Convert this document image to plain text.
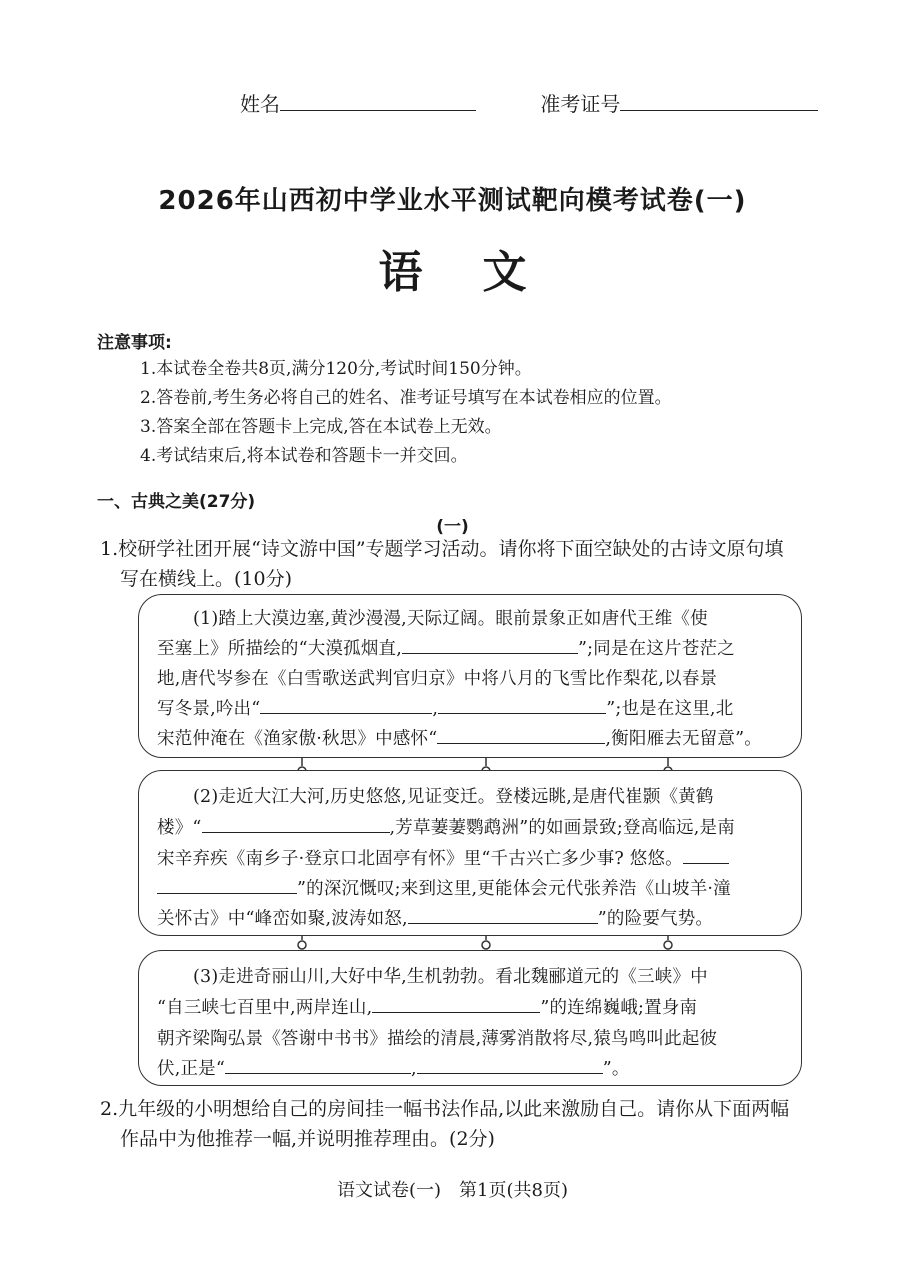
姓名	准考证号
2026年山西初中学业水平测试靶向模考试卷(一)
语文
注意事项:
1.本试卷全卷共8页,满分120分,考试时间150分钟。
2.答卷前,考生务必将自己的姓名、准考证号填写在本试卷相应的位置。
3.答案全部在答题卡上完成,答在本试卷上无效。
4.考试结束后,将本试卷和答题卡一并交回。
一、古典之美(27分)
(一)
1.校研学社团开展“诗文游中国”专题学习活动。请你将下面空缺处的古诗文原句填
写在横线上。(10分)
(1)踏上大漠边塞,黄沙漫漫,天际辽阔。眼前景象正如唐代王维《使
至塞上》所描绘的“大漠孤烟直,	”;同是在这片苍茫之
地,唐代岑参在《白雪歌送武判官归京》中将八月的飞雪比作梨花,以春景
写冬景,吟出“	,	”;也是在这里,北
宋范仲淹在《渔家傲·秋思》中感怀“	,衡阳雁去无留意”。
(2)走近大江大河,历史悠悠,见证变迁。登楼远眺,是唐代崔颢《黄鹤
楼》“	,芳草萋萋鹦鹉洲”的如画景致;登高临远,是南
宋辛弃疾《南乡子·登京口北固亭有怀》里“千古兴亡多少事? 悠悠。
”的深沉慨叹;来到这里,更能体会元代张养浩《山坡羊·潼
关怀古》中“峰峦如聚,波涛如怒,	”的险要气势。
(3)走进奇丽山川,大好中华,生机勃勃。看北魏郦道元的《三峡》中
“自三峡七百里中,两岸连山,	”的连绵巍峨;置身南
朝齐梁陶弘景《答谢中书书》描绘的清晨,薄雾消散将尽,猿鸟鸣叫此起彼
伏,正是“	,	”。
2.九年级的小明想给自己的房间挂一幅书法作品,以此来激励自己。请你从下面两幅
作品中为他推荐一幅,并说明推荐理由。(2分)
语文试卷(一)　第1页(共8页)
